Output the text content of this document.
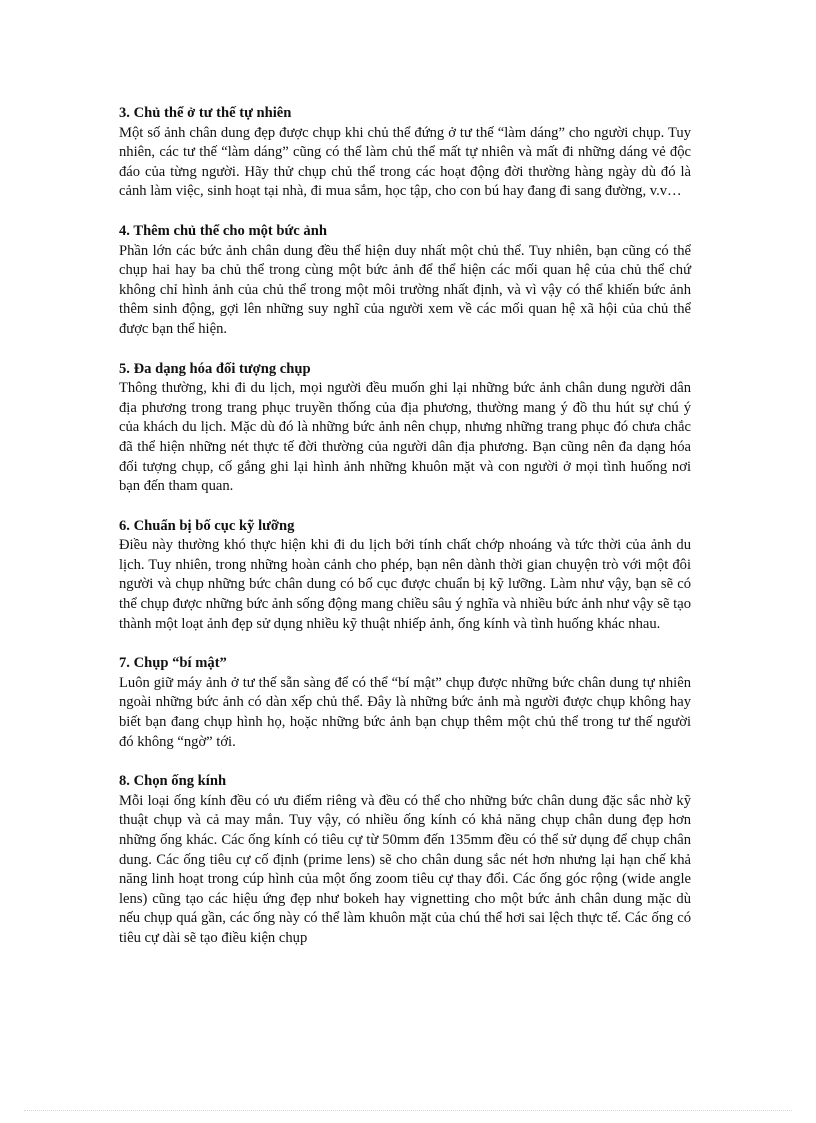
3. Chủ thể ở tư thế tự nhiên

Một số ảnh chân dung đẹp được chụp khi chủ thể đứng ở tư thế “làm dáng” cho người chụp. Tuy nhiên, các tư thế “làm dáng” cũng có thể làm chủ thể mất tự nhiên và mất đi những dáng vẻ độc đáo của từng người. Hãy thử chụp chủ thể trong các hoạt động đời thường hàng ngày dù đó là cảnh làm việc, sinh hoạt tại nhà, đi mua sắm, học tập, cho con bú hay đang đi sang đường, v.v…

4. Thêm chủ thể cho một bức ảnh

Phần lớn các bức ảnh chân dung đều thể hiện duy nhất một chủ thể. Tuy nhiên, bạn cũng có thể chụp hai hay ba chủ thể trong cùng một bức ảnh để thể hiện các mối quan hệ của chủ thể chứ không chỉ hình ảnh của chủ thể trong một môi trường nhất định, và vì vậy có thể khiến bức ảnh thêm sinh động, gợi lên những suy nghĩ của người xem về các mối quan hệ xã hội của chủ thể được bạn thể hiện.

5. Đa dạng hóa đối tượng chụp

Thông thường, khi đi du lịch, mọi người đều muốn ghi lại những bức ảnh chân dung người dân địa phương trong trang phục truyền thống của địa phương, thường mang ý đồ thu hút sự chú ý của khách du lịch. Mặc dù đó là những bức ảnh nên chụp, nhưng những trang phục đó chưa chắc đã thể hiện những nét thực tế đời thường của người dân địa phương. Bạn cũng nên đa dạng hóa đối tượng chụp, cố gắng ghi lại hình ảnh những khuôn mặt và con người ở mọi tình huống nơi bạn đến tham quan.

6. Chuẩn bị bố cục kỹ lưỡng

Điều này thường khó thực hiện khi đi du lịch bởi tính chất chớp nhoáng và tức thời của ảnh du lịch. Tuy nhiên, trong những hoàn cảnh cho phép, bạn nên dành thời gian chuyện trò với một đôi người và chụp những bức chân dung có bố cục được chuẩn bị kỹ lưỡng. Làm như vậy, bạn sẽ có thể chụp được những bức ảnh sống động mang chiều sâu ý nghĩa và nhiều bức ảnh như vậy sẽ tạo thành một loạt ảnh đẹp sử dụng nhiều kỹ thuật nhiếp ảnh, ống kính và tình huống khác nhau.

7. Chụp “bí mật”

Luôn giữ máy ảnh ở tư thế sẵn sàng để có thể “bí mật” chụp được những bức chân dung tự nhiên ngoài những bức ảnh có dàn xếp chủ thể. Đây là những bức ảnh mà người được chụp không hay biết bạn đang chụp hình họ, hoặc những bức ảnh bạn chụp thêm một chủ thể trong tư thế người đó không “ngờ” tới.

8. Chọn ống kính

Mỗi loại ống kính đều có ưu điểm riêng và đều có thể cho những bức chân dung đặc sắc nhờ kỹ thuật chụp và cả may mắn. Tuy vậy, có nhiều ống kính có khả năng chụp chân dung đẹp hơn những ống khác. Các ống kính có tiêu cự từ 50mm đến 135mm đều có thể sử dụng để chụp chân dung. Các ống tiêu cự cố định (prime lens) sẽ cho chân dung sắc nét hơn nhưng lại hạn chế khả năng linh hoạt trong cúp hình của một ống zoom tiêu cự thay đổi. Các ống góc rộng (wide angle lens) cũng tạo các hiệu ứng đẹp như bokeh hay vignetting cho một bức ảnh chân dung mặc dù nếu chụp quá gần, các ống này có thể làm khuôn mặt của chú thể hơi sai lệch thực tế. Các ống có tiêu cự dài sẽ tạo điều kiện chụp
